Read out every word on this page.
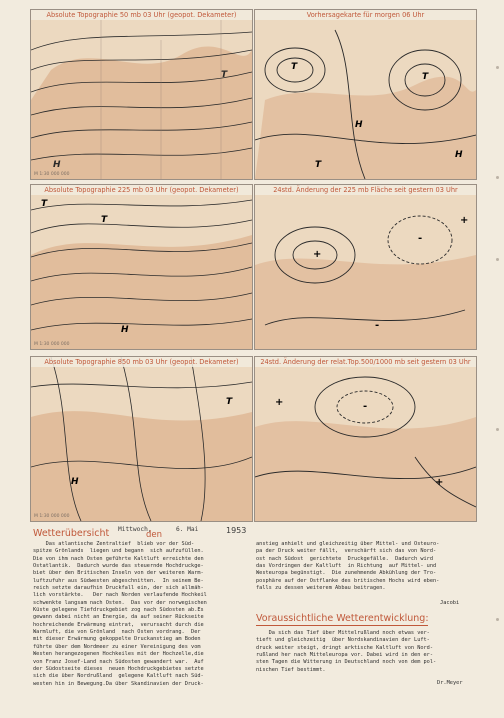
Absolute Topographie 50 mb 03 Uhr (geopot. Dekameter)
H
T
M 1:30 000 000
Vorhersagekarte für morgen 06 Uhr
T
T
H
H
T
Absolute Topographie 225 mb 03 Uhr (geopot. Dekameter)
T
T
H
M 1:30 000 000
24std. Änderung der 225 mb Fläche seit gestern 03 Uhr
+
+
-
-
Absolute Topographie 850 mb 03 Uhr (geopot. Dekameter)
T
H
M 1:30 000 000
24std. Änderung der relat.Top.500/1000 mb seit gestern 03 Uhr
+	-
+
Wetterübersicht Mittwoch,
den
6. Mai	1953
Das atlantische Zentraltief  blieb vor der Süd-
spitze Grönlands  liegen und begann  sich aufzufüllen.
Die von ihm nach Osten geführte Kaltluft erreichte den
Ostatlantik.  Dadurch wurde das steuernde Hochdruckge-
biet über den Britischen Inseln von der weiteren Warm-
luftzufuhr aus Südwesten abgeschnitten.  In seinem Be-
reich setzte daraufhin Druckfall ein, der sich allmäh-
lich vorstärkte.   Der nach Norden verlaufende Hochkeil
schwenkte langsam nach Osten.  Das vor der norwegischen
Küste gelegene Tiefdruckgebiet zog nach Südosten ab.Es
gewann dabei nicht an Energie, da auf seiner Rückseite
hochreichende Erwärmung eintrat,  verursacht durch die
Warmluft, die von Grönland  nach Osten vordrang.  Der
mit dieser Erwärmung gekoppelte Druckanstieg am Boden
führte über dem Nordmeer zu einer Vereinigung des vom
Westen herangezogenen Hochkeiles mit der Hochzelle,die
von Franz Josef-Land nach Südosten gewandert war.  Auf
der Südostseite dieses  neuen Hochdruckgebietes setzte
sich die über Nordrußland  gelegene Kaltluft nach Süd-
westen hin in Bewegung.Da über Skandinavien der Druck-
anstieg anhielt und gleichzeitig über Mittel- und Osteuro-
pa der Druck weiter fällt,  verschärft sich das von Nord-
ost nach Südost  gerichtete  Druckgefälle.  Dadurch wird
das Vordringen der Kaltluft  in Richtung  auf Mittel- und
Westeuropa begünstigt.  Die zunehmende Abkühlung der Tro-
posphäre auf der Ostflanke des britischen Hochs wird eben-
falls zu dessen weiterem Abbau beitragen.
Jacobi
Voraussichtliche Wetterentwicklung:
Da sich das Tief über Mittelrußland noch etwas ver-
tieft und gleichzeitig  über Nordskandinavien der Luft-
druck weiter steigt, dringt arktische Kaltluft von Nord-
rußland her nach Mitteleuropa vor. Dabei wird in den er-
sten Tagen die Witterung in Deutschland noch von dem pol-
nischen Tief bestimmt.
Dr.Meyer
